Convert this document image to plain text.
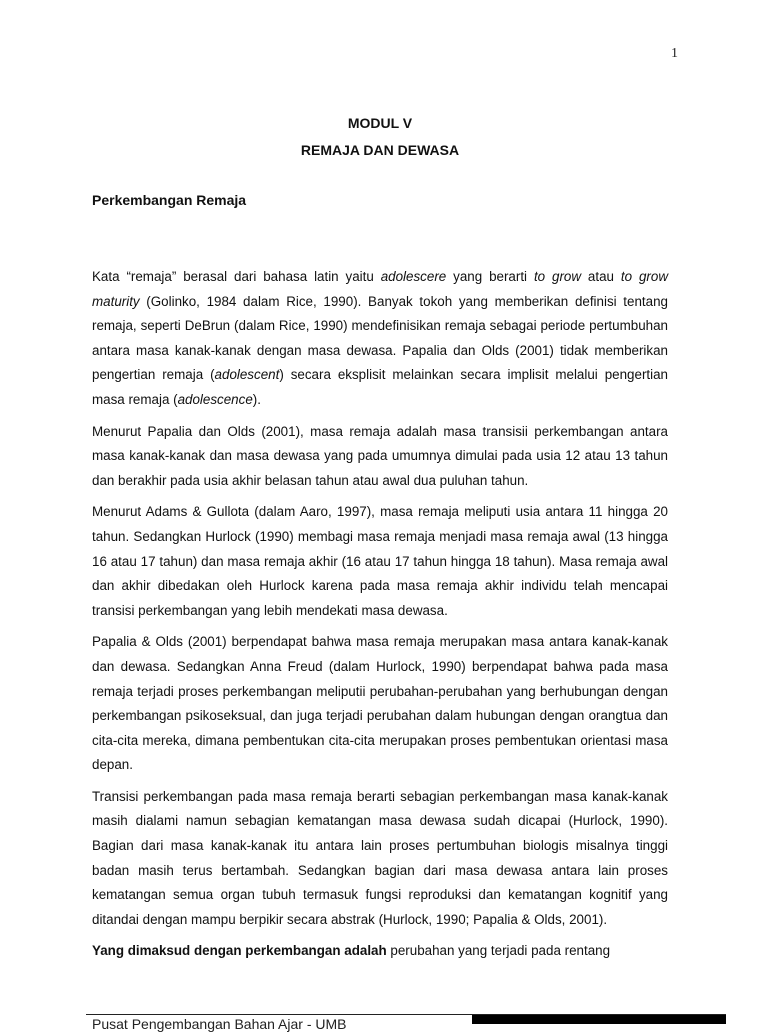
1
MODUL V
REMAJA DAN DEWASA
Perkembangan Remaja

Kata “remaja” berasal dari bahasa latin yaitu adolescere yang berarti to grow atau to grow maturity (Golinko, 1984 dalam Rice, 1990). Banyak tokoh yang memberikan definisi tentang remaja, seperti DeBrun (dalam Rice, 1990) mendefinisikan remaja sebagai periode pertumbuhan antara masa kanak-kanak dengan masa dewasa. Papalia dan Olds (2001) tidak memberikan pengertian remaja (adolescent) secara eksplisit melainkan secara implisit melalui pengertian masa remaja (adolescence).

Menurut Papalia dan Olds (2001), masa remaja adalah masa transisii perkembangan antara masa kanak-kanak dan masa dewasa yang pada umumnya dimulai pada usia 12 atau 13 tahun dan berakhir pada usia akhir belasan tahun atau awal dua puluhan tahun.

Menurut Adams & Gullota (dalam Aaro, 1997), masa remaja meliputi usia antara 11 hingga 20 tahun. Sedangkan Hurlock (1990) membagi masa remaja menjadi masa remaja awal (13 hingga 16 atau 17 tahun) dan masa remaja akhir (16 atau 17 tahun hingga 18 tahun). Masa remaja awal dan akhir dibedakan oleh Hurlock karena pada masa remaja akhir individu telah mencapai transisi perkembangan yang lebih mendekati masa dewasa.

Papalia & Olds (2001) berpendapat bahwa masa remaja merupakan masa antara kanak-kanak dan dewasa. Sedangkan Anna Freud (dalam Hurlock, 1990) berpendapat bahwa pada masa remaja terjadi proses perkembangan meliputii perubahan-perubahan yang berhubungan dengan perkembangan psikoseksual, dan juga terjadi perubahan dalam hubungan dengan orangtua dan cita-cita mereka, dimana pembentukan cita-cita merupakan proses pembentukan orientasi masa depan.

Transisi perkembangan pada masa remaja berarti sebagian perkembangan masa kanak-kanak masih dialami namun sebagian kematangan masa dewasa sudah dicapai (Hurlock, 1990). Bagian dari masa kanak-kanak itu antara lain proses pertumbuhan biologis misalnya tinggi badan masih terus bertambah. Sedangkan bagian dari masa dewasa antara lain proses kematangan semua organ tubuh termasuk fungsi reproduksi dan kematangan kognitif yang ditandai dengan mampu berpikir secara abstrak (Hurlock, 1990; Papalia & Olds, 2001).

Yang dimaksud dengan perkembangan adalah perubahan yang terjadi pada rentang

Pusat Pengembangan Bahan Ajar - UMB
